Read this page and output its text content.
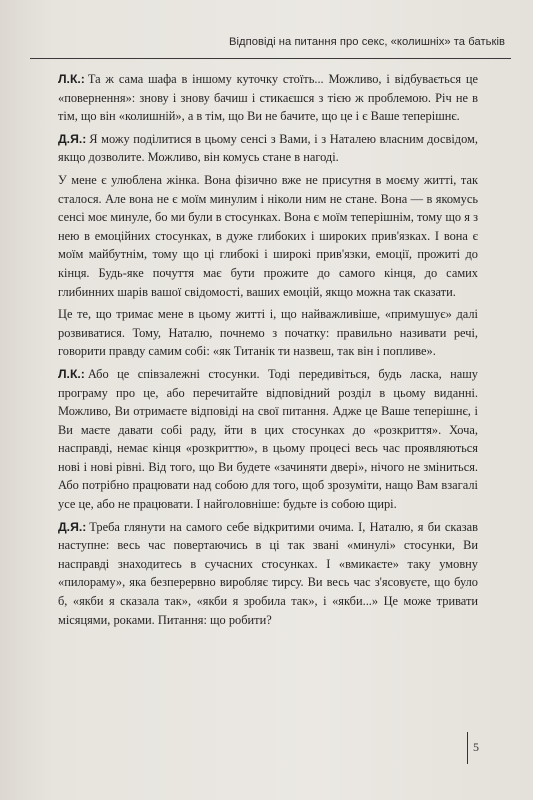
Відповіді на питання про секс, «колишніх» та батьків

Л.К.: Та ж сама шафа в іншому куточку стоїть... Можливо, і відбувається це «повернення»: знову і знову бачиш і стикаєшся з тією ж проблемою. Річ не в тім, що він «колишній», а в тім, що Ви не бачите, що це і є Ваше теперішнє.

Д.Я.: Я можу поділитися в цьому сенсі з Вами, і з Наталею власним досвідом, якщо дозволите. Можливо, він комусь стане в нагоді.

У мене є улюблена жінка. Вона фізично вже не присутня в моєму житті, так сталося. Але вона не є моїм минулим і ніколи ним не стане. Вона — в якомусь сенсі моє минуле, бо ми були в стосунках. Вона є моїм теперішнім, тому що я з нею в емоційних стосунках, в дуже глибоких і широких прив'язках. І вона є моїм майбутнім, тому що ці глибокі і широкі прив'язки, емоції, прожиті до кінця. Будь-яке почуття має бути прожите до самого кінця, до самих глибинних шарів вашої свідомості, ваших емоцій, якщо можна так сказати.

Це те, що тримає мене в цьому житті і, що найважливіше, «примушує» далі розвиватися. Тому, Наталю, почнемо з початку: правильно називати речі, говорити правду самим собі: «як Титанік ти назвеш, так він і попливе».

Л.К.: Або це співзалежні стосунки. Тоді передивіться, будь ласка, нашу програму про це, або перечитайте відповідний розділ в цьому виданні. Можливо, Ви отримаєте відповіді на свої питання. Адже це Ваше теперішнє, і Ви маєте давати собі раду, йти в цих стосунках до «розкриття». Хоча, насправді, немає кінця «розкриттю», в цьому процесі весь час проявляються нові і нові рівні. Від того, що Ви будете «зачиняти двері», нічого не зміниться. Або потрібно працювати над собою для того, щоб зрозуміти, нащо Вам взагалі усе це, або не працювати. І найголовніше: будьте із собою щирі.

Д.Я.: Треба глянути на самого себе відкритими очима. І, Наталю, я би сказав наступне: весь час повертаючись в ці так звані «минулі» стосунки, Ви насправді знаходитесь в сучасних стосунках. І «вмикаєте» таку умовну «пилораму», яка безперервно виробляє тирсу. Ви весь час з'ясовуєте, що було б, «якби я сказала так», «якби я зробила так», і «якби...» Це може тривати місяцями, роками. Питання: що робити?

5
